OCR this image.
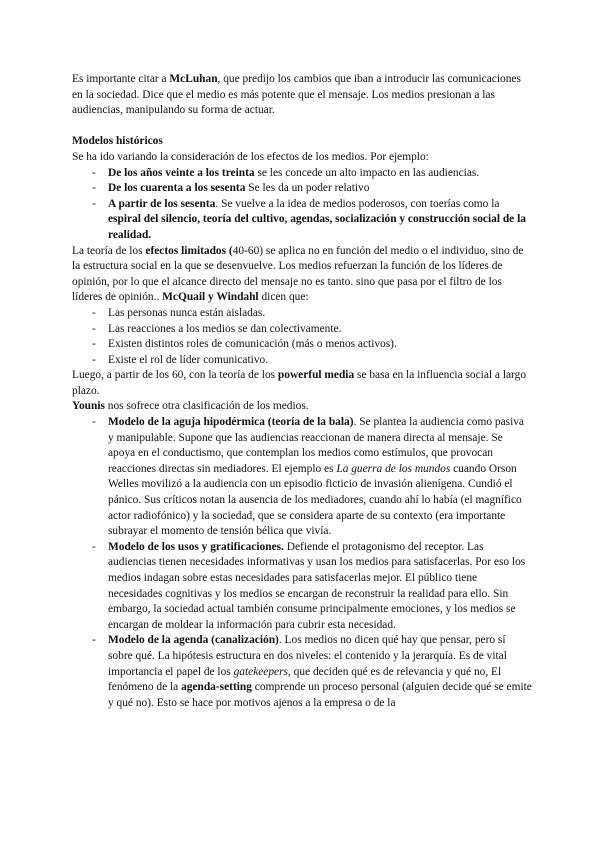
Es importante citar a McLuhan, que predijo los cambios que iban a introducir las comunicaciones en la sociedad. Dice que el medio es más potente que el mensaje. Los medios presionan a las audiencias, manipulando su forma de actuar.

Modelos históricos

Se ha ido variando la consideración de los efectos de los medios. Por ejemplo:

- De los años veinte a los treinta se les concede un alto impacto en las audiencias.
- De los cuarenta a los sesenta Se les da un poder relativo
- A partir de los sesenta. Se vuelve a la idea de medios poderosos, con toerías como la espiral del silencio, teoría del cultivo, agendas, socialización y construcción social de la realidad.

La teoría de los efectos limitados (40-60) se aplica no en función del medio o el individuo, sino de la estructura social en la que se desenvuelve. Los medios refuerzan la función de los líderes de opinión, por lo que el alcance directo del mensaje no es tanto. sino que pasa por el filtro de los líderes de opinión.. McQuail y Windahl dicen que:

- Las personas nunca están aisladas.
- Las reacciones a los medios se dan colectivamente.
- Existen distintos roles de comunicación (más o menos activos).
- Existe el rol de líder comunicativo.

Luego, a partir de los 60, con la teoría de los powerful media se basa en la influencia social a largo plazo.

Younis nos sofrece otra clasificación de los medios.

- Modelo de la aguja hipodérmica (teoría de la bala). Se plantea la audiencia como pasiva y manipulable. Supone que las audiencias reaccionan de manera directa al mensaje. Se apoya en el conductismo, que contemplan los medios como estímulos, que provocan reacciones directas sin mediadores. El ejemplo es La guerra de los mundos cuando Orson Welles movilizó a la audiencia con un episodio ficticio de invasión alienígena. Cundió el pánico. Sus críticos notan la ausencia de los mediadores, cuando ahí lo había (el magnífico actor radiofónico) y la sociedad, que se considera aparte de su contexto (era importante subrayar el momento de tensión bélica que vivía.
- Modelo de los usos y gratificaciones. Defiende el protagonismo del receptor. Las audiencias tienen necesidades informativas y usan los medios para satisfacerlas. Por eso los medios indagan sobre estas necesidades para satisfacerlas mejor. El público tiene necesidades cognitivas y los medios se encargan de reconstruir la realidad para ello. Sin embargo, la sociedad actual también consume principalmente emociones, y los medios se encargan de moldear la información para cubrir esta necesidad.
- Modelo de la agenda (canalización). Los medios no dicen qué hay que pensar, pero sí sobre qué. La hipótesis estructura en dos niveles: el contenido y la jerarquía. Es de vital importancia el papel de los gatekeepers, que deciden qué es de relevancia y qué no, El fenómeno de la agenda-setting comprende un proceso personal (alguien decide qué se emite y qué no). Esto se hace por motivos ajenos a la empresa o de la
